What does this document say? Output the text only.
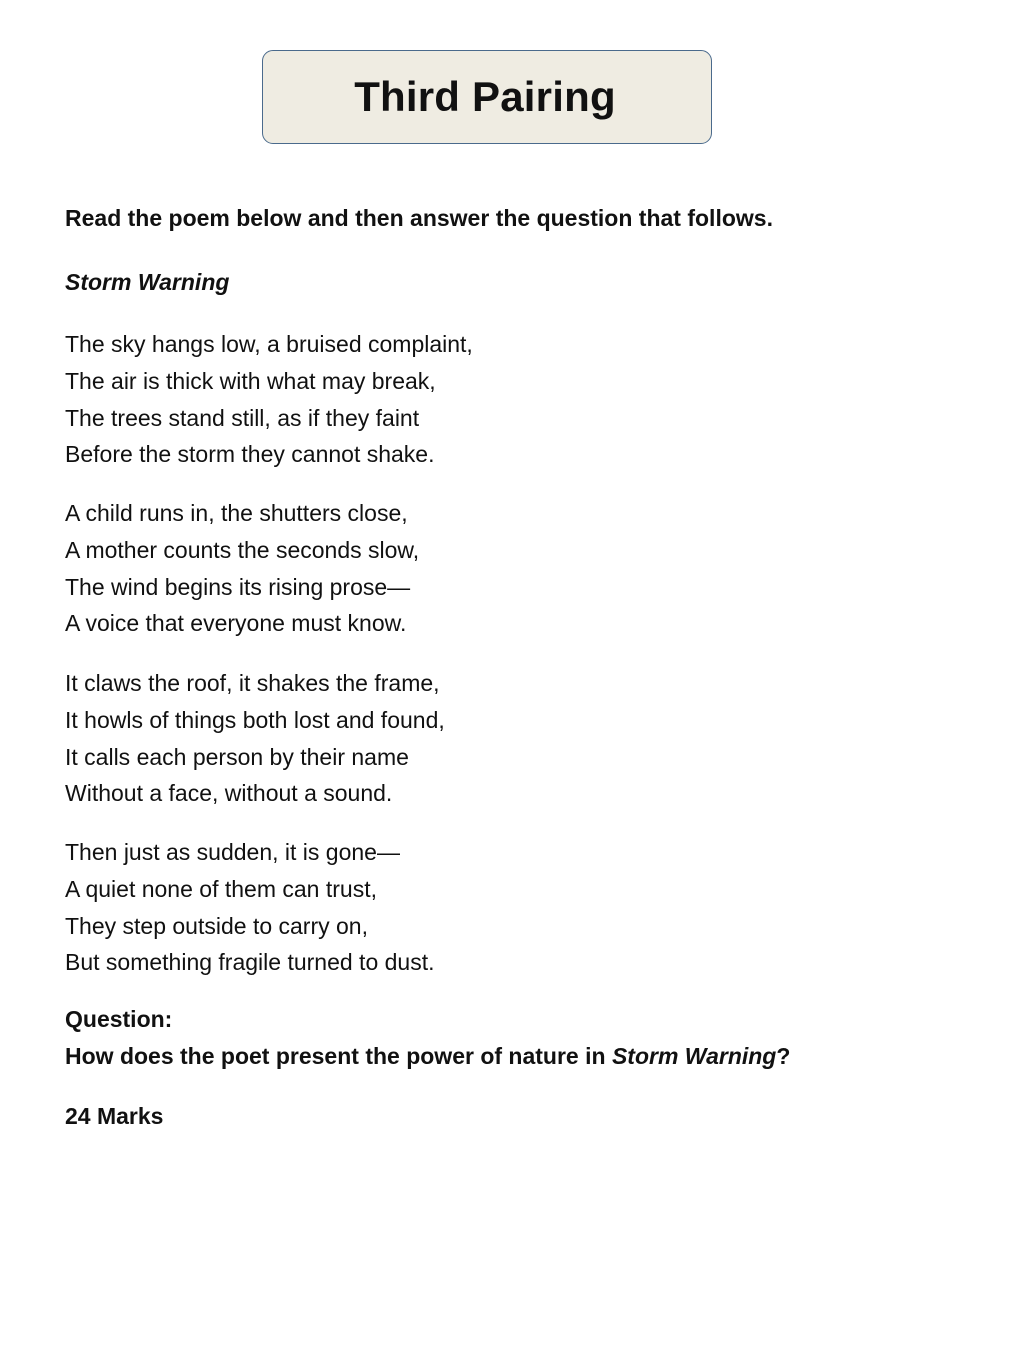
Third Pairing
Read the poem below and then answer the question that follows.
Storm Warning
The sky hangs low, a bruised complaint,
The air is thick with what may break,
The trees stand still, as if they faint
Before the storm they cannot shake.
A child runs in, the shutters close,
A mother counts the seconds slow,
The wind begins its rising prose—
A voice that everyone must know.
It claws the roof, it shakes the frame,
It howls of things both lost and found,
It calls each person by their name
Without a face, without a sound.
Then just as sudden, it is gone—
A quiet none of them can trust,
They step outside to carry on,
But something fragile turned to dust.
Question:
How does the poet present the power of nature in Storm Warning?
24 Marks
